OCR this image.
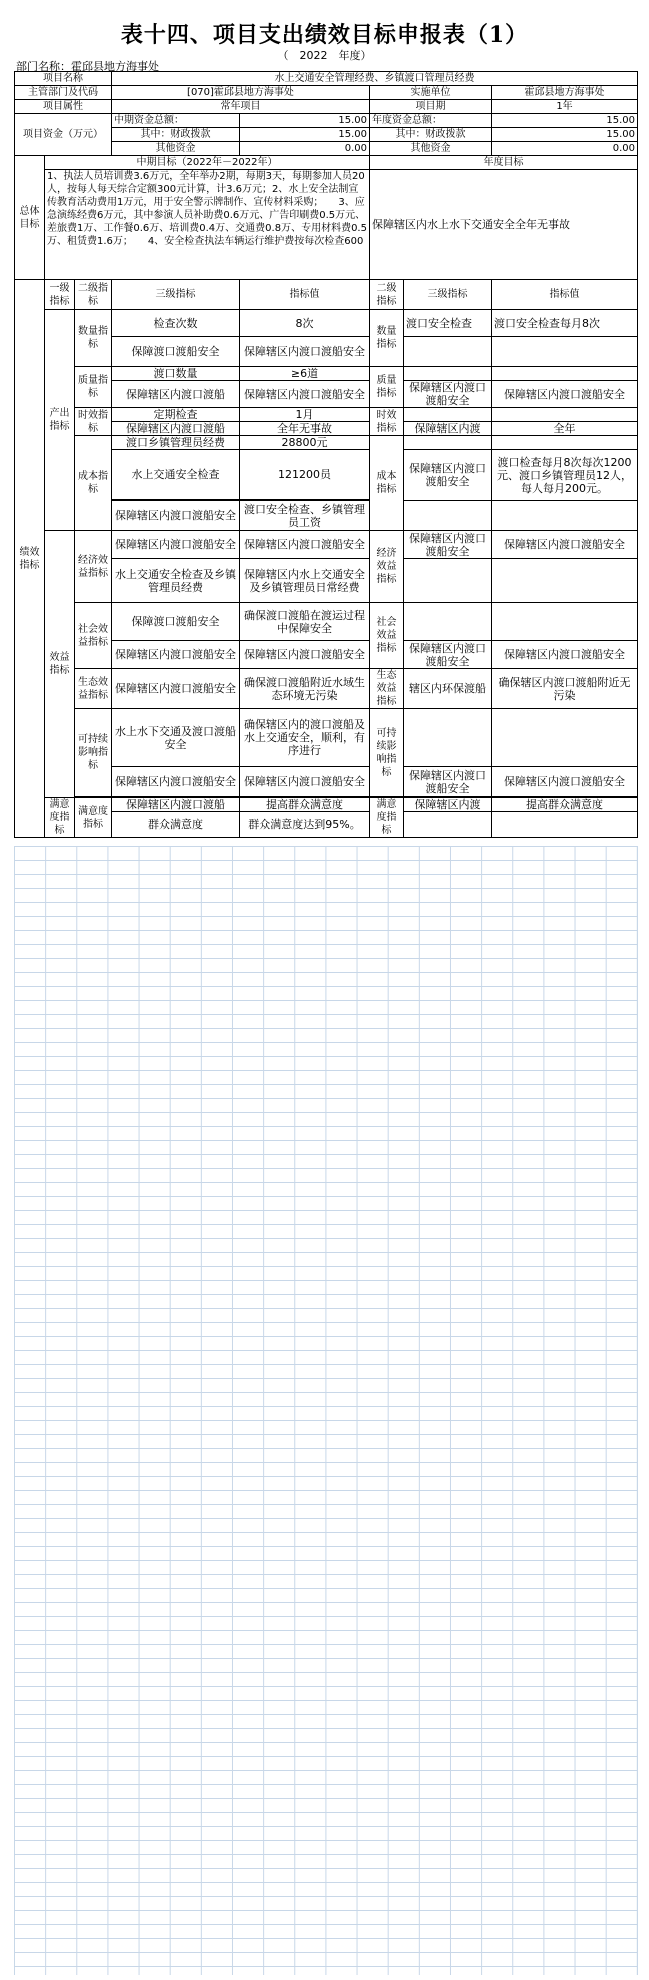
表十四、项目支出绩效目标申报表（1）
（　2022　年度）
部门名称：霍邱县地方海事处
项目名称			水上交通安全管理经费、乡镇渡口管理员经费				
主管部门及代码			[070]霍邱县地方海事处		实施单位		霍邱县地方海事处
项目属性			常年项目		项目期		1年
项目资金（万元）			中期资金总额：	15.00	年度资金总额：		15.00
			其中：财政拨款	15.00	其中：财政拨款		15.00
			其他资金	0.00	其他资金		0.00
总体目标	中期目标（2022年－2022年）				年度目标		
	1、执法人员培训费3.6万元，全年举办2期，每期3天，每期参加人员20人，按每人每天综合定额300元计算，计3.6万元；2、水上安全法制宣传教育活动费用1万元，用于安全警示牌制作、宣传材料采购；　　3、应急演练经费6万元，其中参演人员补助费0.6万元、广告印刷费0.5万元、差旅费1万、工作餐0.6万、培训费0.4万、交通费0.8万、专用材料费0.5万、租赁费1.6万；　　4、安全检查执法车辆运行维护费按每次检查600				保障辖区内水上水下交通安全全年无事故		
绩效指标	一级指标	二级指标	三级指标	指标值	二级指标	三级指标	指标值
	产出指标	数量指标	检查次数	8次	数量指标	渡口安全检查	渡口安全检查每月8次
			保障渡口渡船安全	保障辖区内渡口渡船安全			
		质量指标	渡口数量	≥6道	质量指标		
			保障辖区内渡口渡船	保障辖区内渡口渡船安全		保障辖区内渡口渡船安全	保障辖区内渡口渡船安全
		时效指标	定期检查	1月	时效指标		
			保障辖区内渡口渡船	全年无事故		保障辖区内渡	全年
		成本指标	渡口乡镇管理员经费	28800元	成本指标		
			水上交通安全检查	121200员		保障辖区内渡口渡船安全	渡口检查每月8次每次1200元、渡口乡镇管理员12人，每人每月200元。

			保障辖区内渡口渡船安全	渡口安全检查、乡镇管理员工资			
	效益指标	经济效益指标	保障辖区内渡口渡船安全	保障辖区内渡口渡船安全	经济效益指标	保障辖区内渡口渡船安全	保障辖区内渡口渡船安全
			水上交通安全检查及乡镇管理员经费	保障辖区内水上交通安全及乡镇管理员日常经费			
		社会效益指标	保障渡口渡船安全	确保渡口渡船在渡运过程中保障安全	社会效益指标		
			保障辖区内渡口渡船安全	保障辖区内渡口渡船安全		保障辖区内渡口渡船安全	保障辖区内渡口渡船安全
		生态效益指标	保障辖区内渡口渡船安全	确保渡口渡船附近水域生态环境无污染	生态效益指标	辖区内环保渡船	确保辖区内渡口渡船附近无污染
		可持续影响指标	水上水下交通及渡口渡船安全	确保辖区内的渡口渡船及水上交通安全，顺利，有序进行	可持续影响指标		
			保障辖区内渡口渡船安全	保障辖区内渡口渡船安全		保障辖区内渡口渡船安全	保障辖区内渡口渡船安全

	满意度指标	满意度指标	保障辖区内渡口渡船	提高群众满意度	满意度指标	保障辖区内渡	提高群众满意度
			群众满意度	群众满意度达到95%。			
